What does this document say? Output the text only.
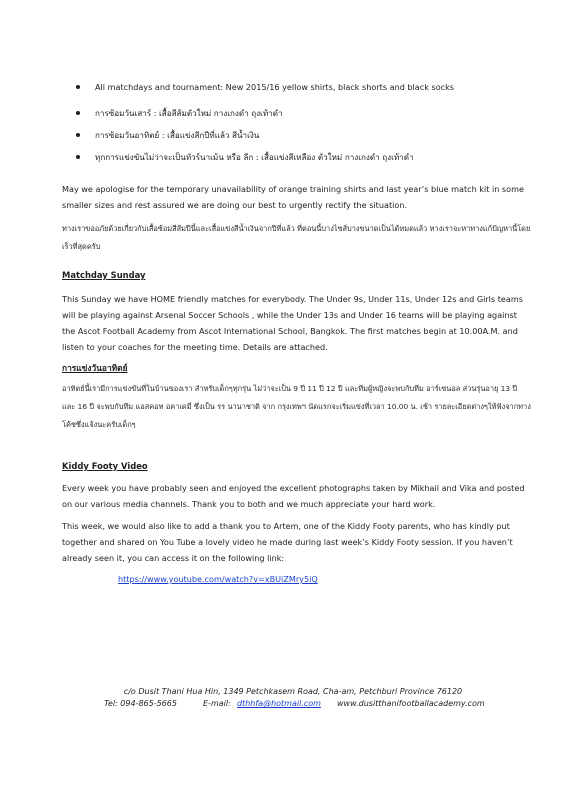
All matchdays and tournament: New 2015/16 yellow shirts, black shorts and black socks
การซ้อมวันเสาร์ : เสื้อสีส้มตัวใหม่ กางเกงดำ ถุงเท้าดำ
การซ้อมวันอาทิตย์ : เสื้อแข่งสีกปีที่แล้ว สีน้ำเงิน
ทุกการแข่งขันไม่ว่าจะเป็นทัวร์นาเม้น หรือ ลีก : เสื้อแข่งสีเหลือง ตัวใหม่ กางเกงดำ ถุงเท้าดำ
May we apologise for the temporary unavailability of orange training shirts and last year’s blue match kit in some smaller sizes and rest assured we are doing our best to urgently rectify the situation.
ทางเราขออภัยด้วยเกี่ยวกับเสื้อซ้อมสีส้มปีนี้และเสื้อแข่งสีน้ำเงินจากปีที่แล้ว ที่ตอนนี้บางไซส์บางขนาดเป็นได้หมดแล้ว ทางเราจะหาทางแก้ปัญหานี้โดยเร็วที่สุดครับ
Matchday Sunday
This Sunday we have HOME friendly matches for everybody. The Under 9s, Under 11s, Under 12s and Girls teams will be playing against Arsenal Soccer Schools , while the Under 13s and Under 16 teams will be playing against the Ascot Football Academy from Ascot International School, Bangkok. The first matches begin at 10.00A.M. and listen to your coaches for the meeting time. Details are attached.
การแข่งวันอาทิตย์
อาทิตย์นี้เรามีการแข่งขันที่ในบ้านของเรา สำหรับเด็กๆทุกรุ่น ไม่ว่าจะเป็น 9 ปี 11 ปี 12 ปี และทีมผู้หญิงจะพบกับทีม อาร์เซนอล ส่วนรุ่นอายุ 13 ปี และ 16 ปี จะพบกับทีม แอสคอท อคาเดมี่ ซึ่งเป็น รร นานาชาติ จาก กรุงเทพฯ นัดแรกจะเริ่มแข่งที่เวลา 10.00 น. เช้า รายละเอียดต่างๆให้ฟังจากทางโค้ชซึ่งแจ้งนะครับเด็กๆ
Kiddy Footy Video
Every week you have probably seen and enjoyed the excellent photographs taken by Mikhail and Vika and posted on our various media channels. Thank you to both and we much appreciate your hard work.
This week, we would also like to add a thank you to Artem, one of the Kiddy Footy parents, who has kindly put together and shared on You Tube a lovely video he made during last week’s Kiddy Footy session. If you haven’t already seen it, you can access it on the following link:
https://www.youtube.com/watch?v=xBUiZMry5iQ
c/o Dusit Thani Hua Hin, 1349 Petchkasem Road, Cha-am, Petchburi Province 76120
Tel: 094-865-5665	E-mail: dthhfa@hotmail.com www.dusitthanifootballacademy.com
